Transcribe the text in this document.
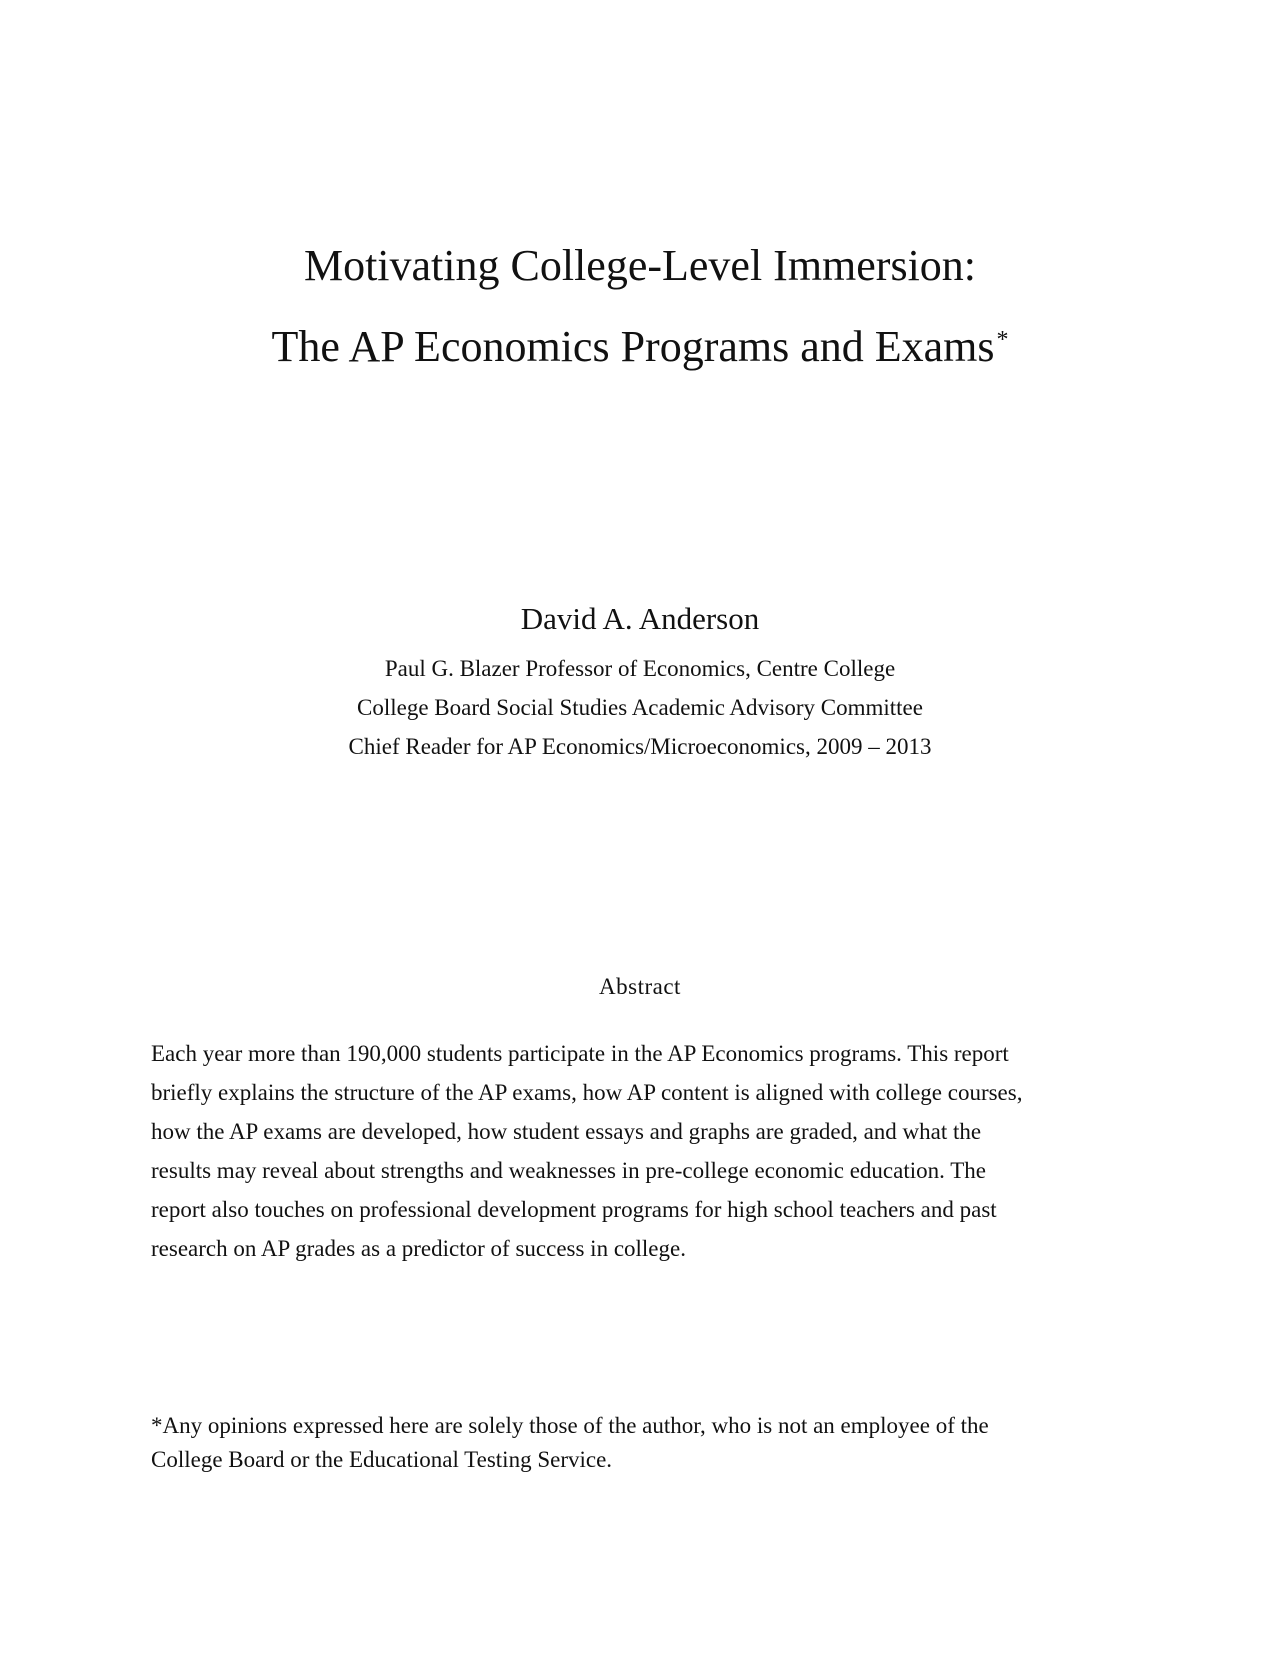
Motivating College-Level Immersion:
The AP Economics Programs and Exams*

David A. Anderson

Paul G. Blazer Professor of Economics, Centre College

College Board Social Studies Academic Advisory Committee

Chief Reader for AP Economics/Microeconomics, 2009 – 2013

Abstract
Each year more than 190,000 students participate in the AP Economics programs. This report
briefly explains the structure of the AP exams, how AP content is aligned with college courses,
how the AP exams are developed, how student essays and graphs are graded, and what the
results may reveal about strengths and weaknesses in pre-college economic education. The
report also touches on professional development programs for high school teachers and past
research on AP grades as a predictor of success in college.
*Any opinions expressed here are solely those of the author, who is not an employee of the
College Board or the Educational Testing Service.
